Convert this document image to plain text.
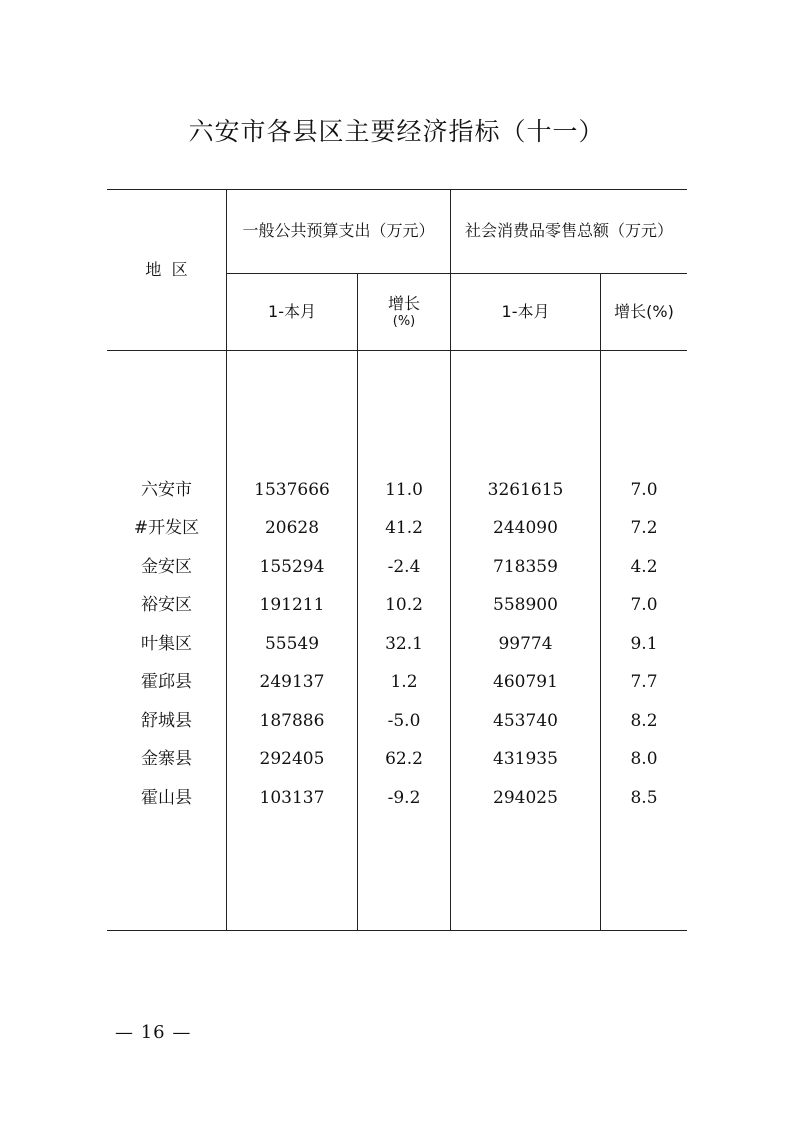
六安市各县区主要经济指标（十一）
地  区
一般公共预算支出（万元）	社会消费品零售总额（万元）
1-本月	增长
(%)
1-本月	增长(%)
六安市	1537666	11.0	3261615	7.0
#开发区	20628	41.2	244090	7.2
金安区	155294	-2.4	718359	4.2
裕安区	191211	10.2	558900	7.0
叶集区	55549	32.1	99774	9.1
霍邱县	249137	1.2	460791	7.7
舒城县	187886	-5.0	453740	8.2
金寨县	292405	62.2	431935	8.0
霍山县	103137	-9.2	294025	8.5
— 16 —
